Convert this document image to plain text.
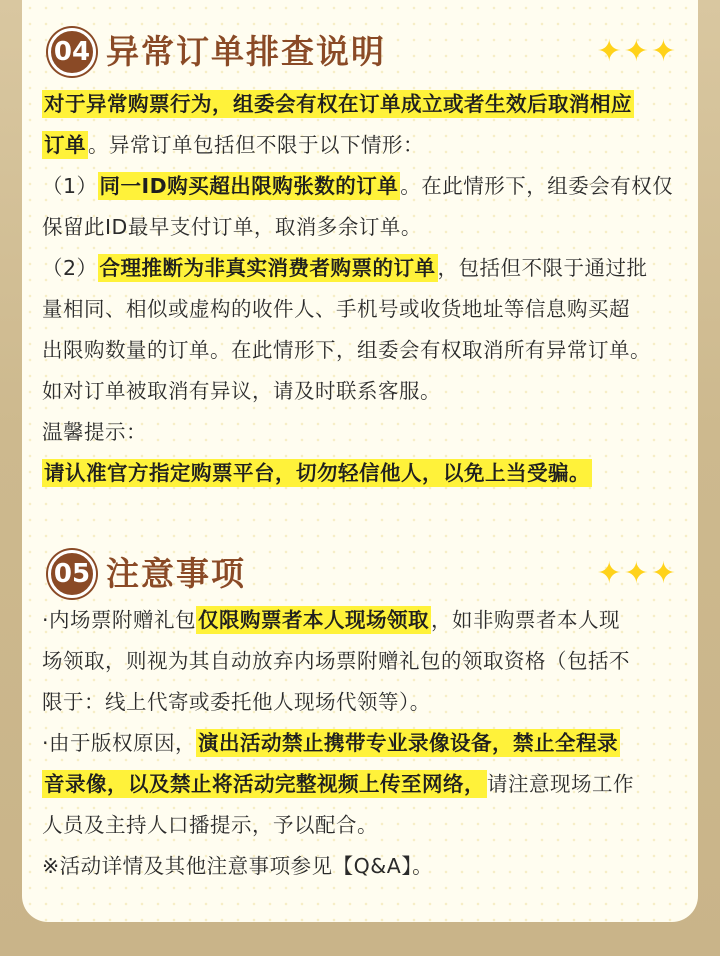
04 异常订单排查说明	✦✦✦
对于异常购票行为，组委会有权在订单成立或者生效后取消相应
订单。异常订单包括但不限于以下情形：
（1）同一ID购买超出限购张数的订单。在此情形下，组委会有权仅
保留此ID最早支付订单，取消多余订单。
（2）合理推断为非真实消费者购票的订单，包括但不限于通过批
量相同、相似或虚构的收件人、手机号或收货地址等信息购买超
出限购数量的订单。在此情形下，组委会有权取消所有异常订单。
如对订单被取消有异议，请及时联系客服。
温馨提示：
请认准官方指定购票平台，切勿轻信他人，以免上当受骗。
05 注意事项	✦✦✦
·内场票附赠礼包仅限购票者本人现场领取，如非购票者本人现
场领取，则视为其自动放弃内场票附赠礼包的领取资格（包括不
限于：线上代寄或委托他人现场代领等）。
·由于版权原因，演出活动禁止携带专业录像设备，禁止全程录
音录像，以及禁止将活动完整视频上传至网络，请注意现场工作
人员及主持人口播提示，予以配合。
※活动详情及其他注意事项参见【Q&A】。
